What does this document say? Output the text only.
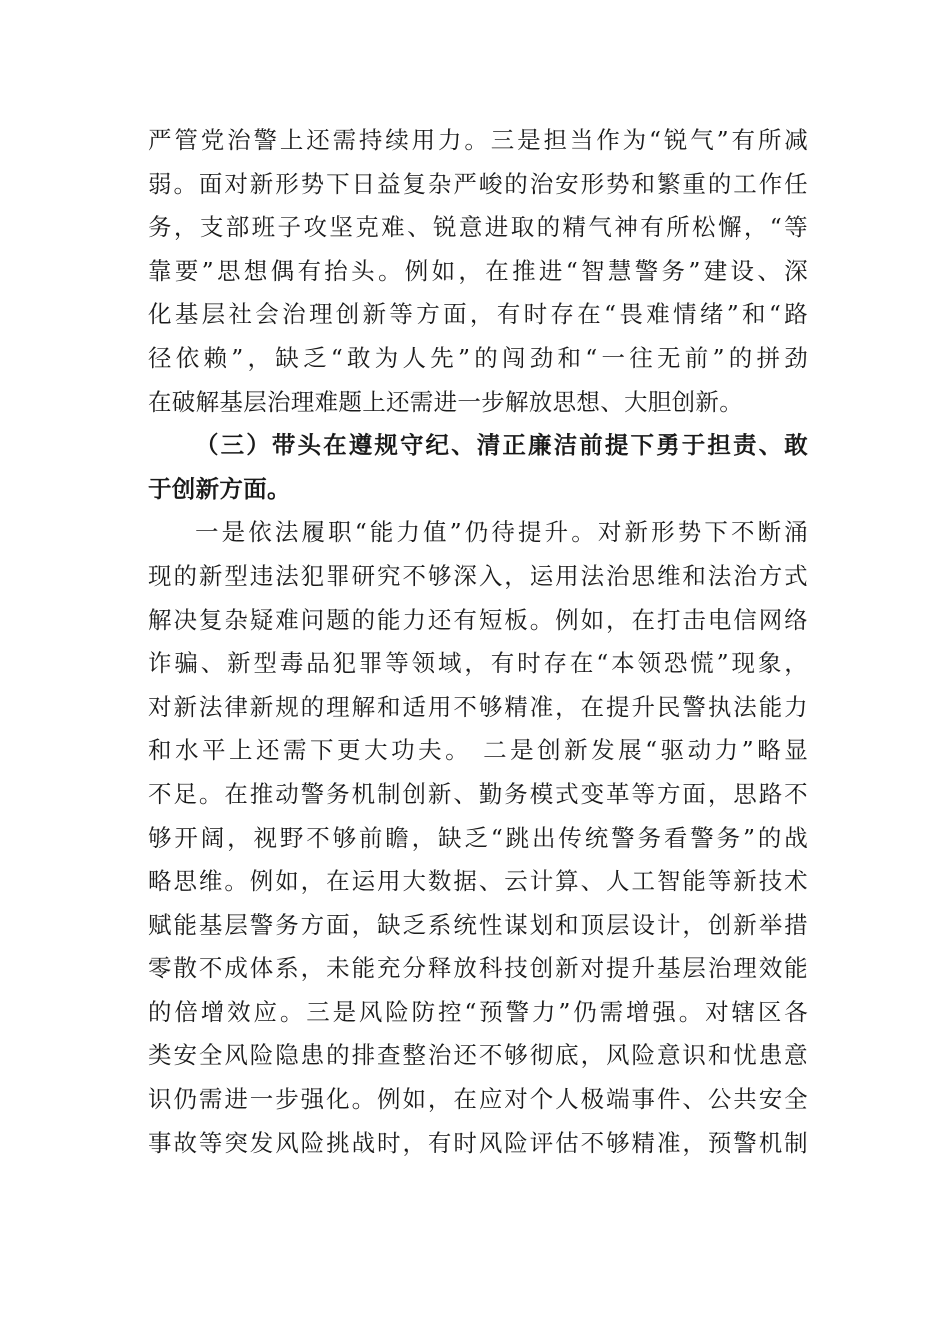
严管党治警上还需持续用力。三是担当作为“锐气”有所减
弱。面对新形势下日益复杂严峻的治安形势和繁重的工作任
务，支部班子攻坚克难、锐意进取的精气神有所松懈，“等
靠要”思想偶有抬头。例如，在推进“智慧警务”建设、深
化基层社会治理创新等方面，有时存在“畏难情绪”和“路
径依赖”，缺乏“敢为人先”的闯劲和“一往无前”的拼劲
在破解基层治理难题上还需进一步解放思想、大胆创新。
（三）带头在遵规守纪、清正廉洁前提下勇于担责、敢
于创新方面。
一是依法履职“能力值”仍待提升。对新形势下不断涌
现的新型违法犯罪研究不够深入，运用法治思维和法治方式
解决复杂疑难问题的能力还有短板。例如，在打击电信网络
诈骗、新型毒品犯罪等领域，有时存在“本领恐慌”现象，
对新法律新规的理解和适用不够精准，在提升民警执法能力
和水平上还需下更大功夫。 二是创新发展“驱动力”略显
不足。在推动警务机制创新、勤务模式变革等方面，思路不
够开阔，视野不够前瞻，缺乏“跳出传统警务看警务”的战
略思维。例如，在运用大数据、云计算、人工智能等新技术
赋能基层警务方面，缺乏系统性谋划和顶层设计，创新举措
零散不成体系，未能充分释放科技创新对提升基层治理效能
的倍增效应。三是风险防控“预警力”仍需增强。对辖区各
类安全风险隐患的排查整治还不够彻底，风险意识和忧患意
识仍需进一步强化。例如，在应对个人极端事件、公共安全
事故等突发风险挑战时，有时风险评估不够精准，预警机制
